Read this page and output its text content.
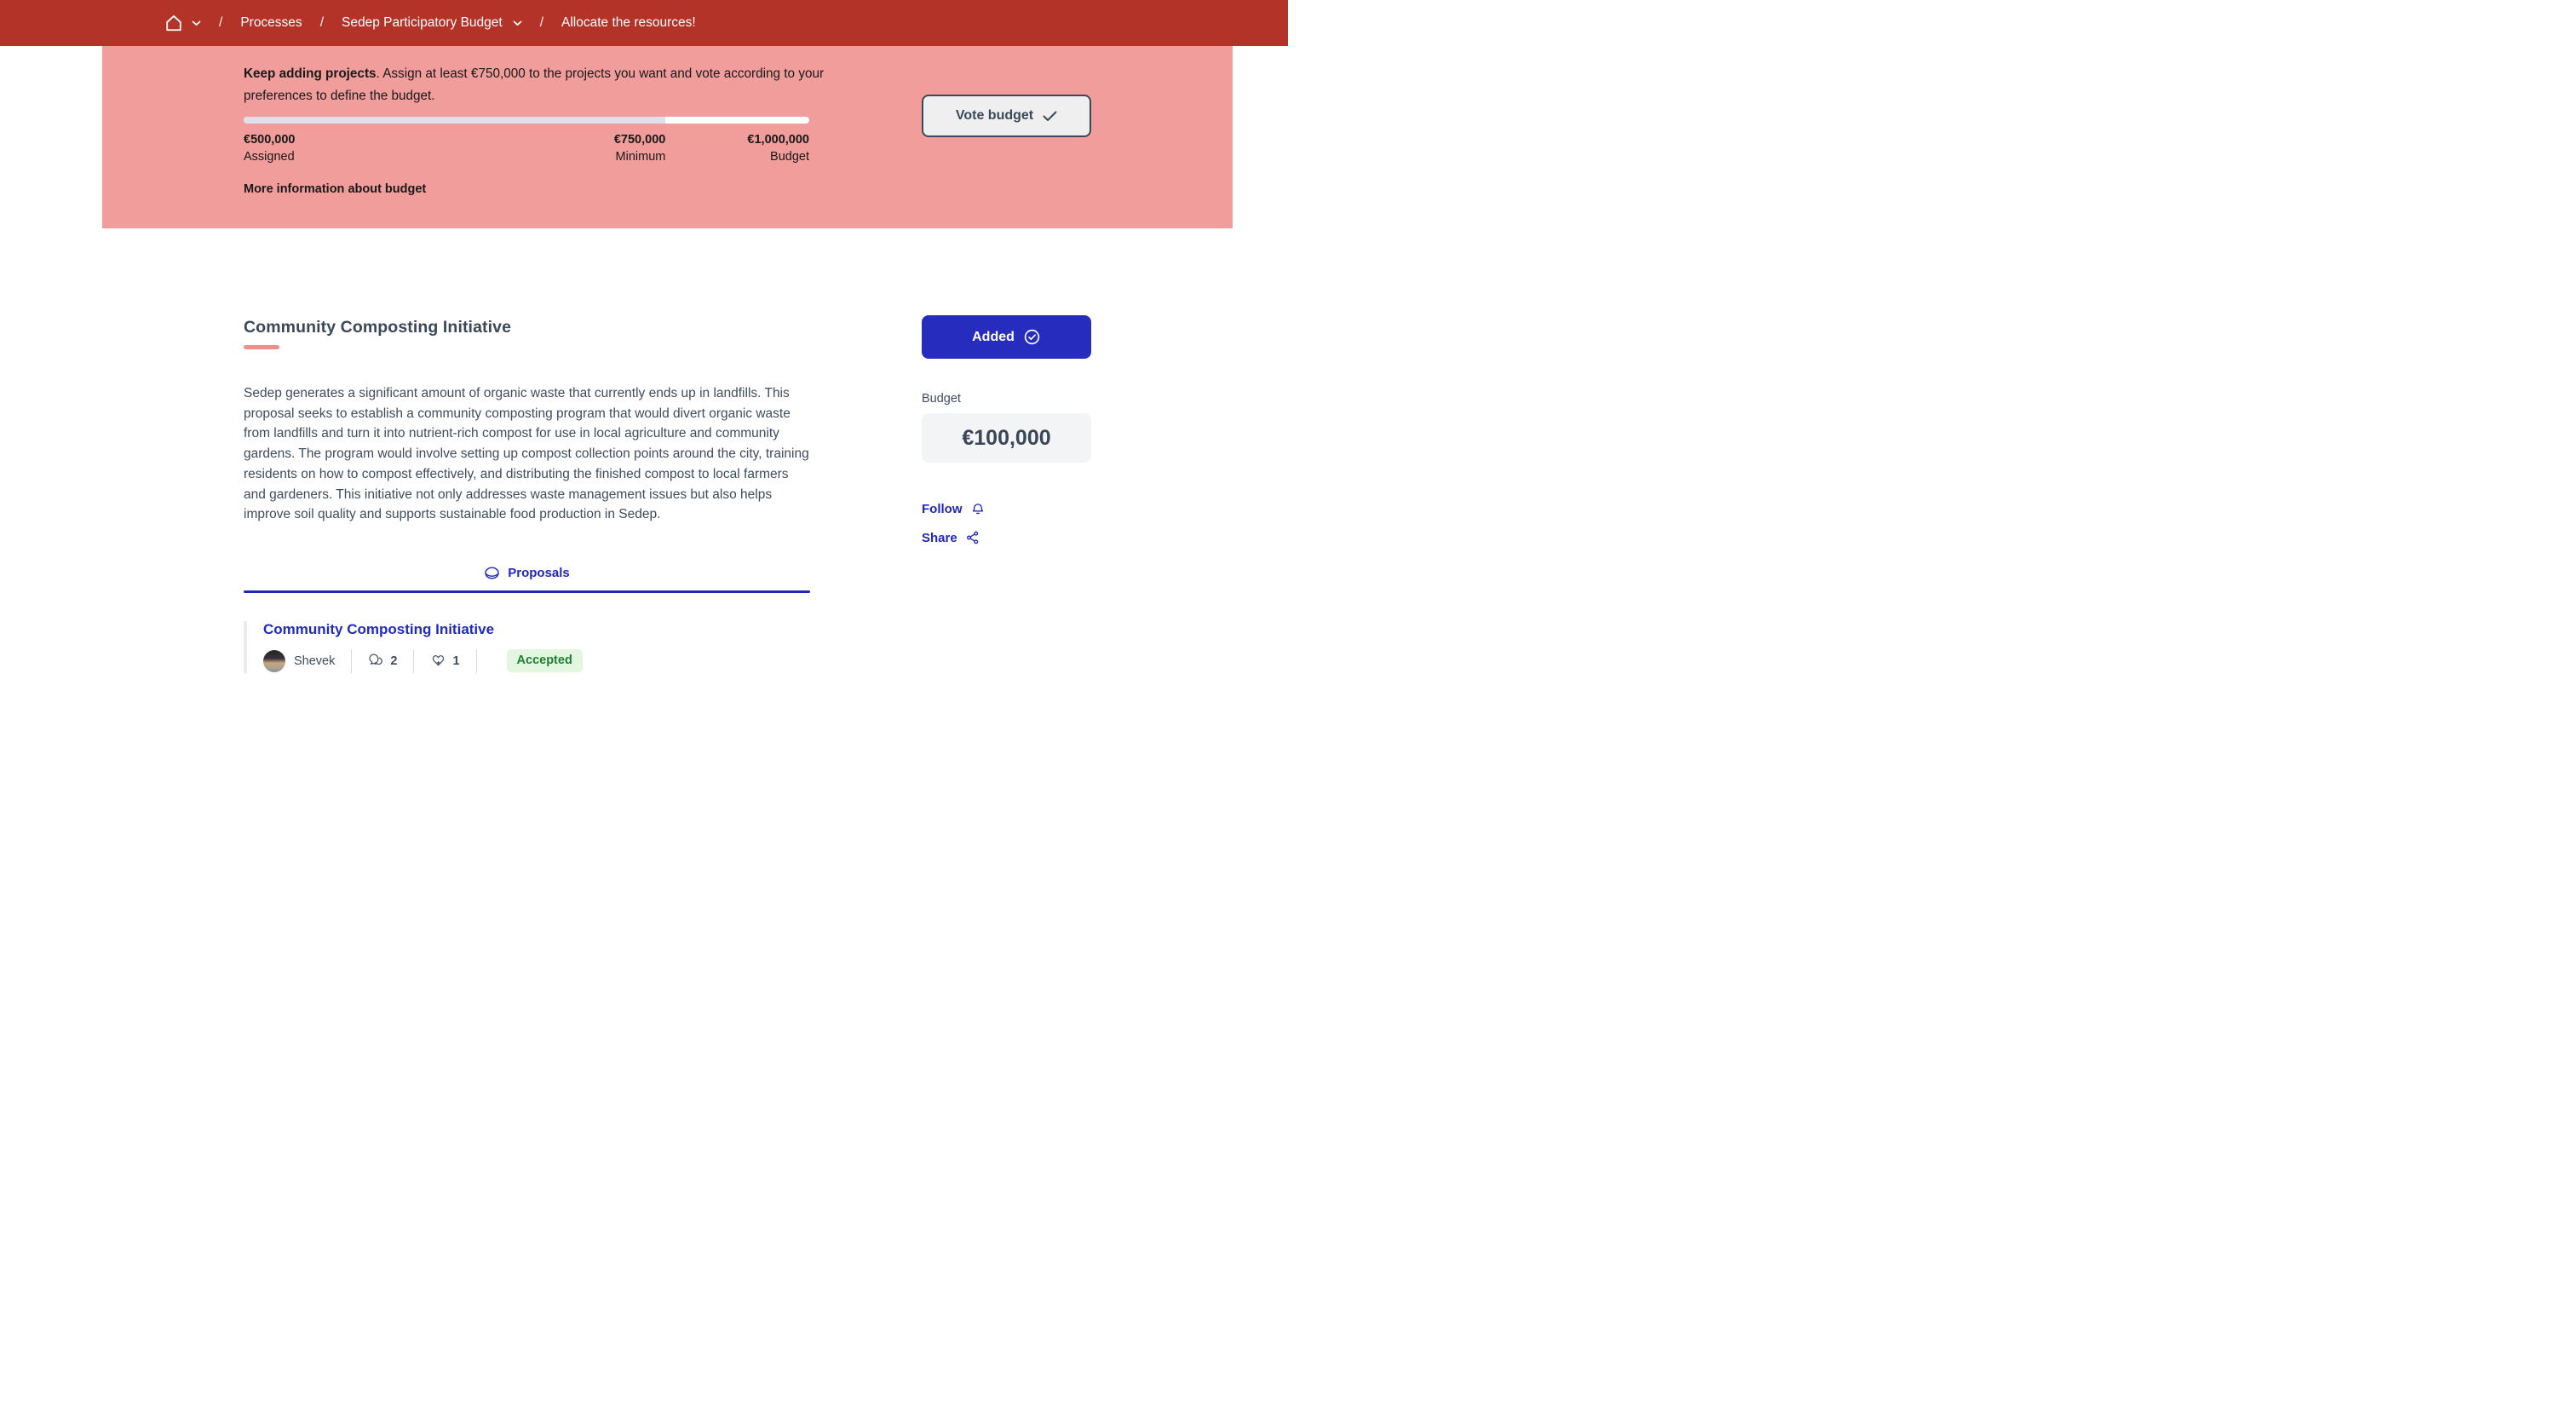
/ Processes / Sedep Participatory Budget	/ Allocate the resources!

Keep adding projects. Assign at least €750,000 to the projects you want and vote according to your preferences to define the budget.

€500,000
Assigned
€750,000
Minimum
€1,000,000
Budget
More information about budget
Vote budget
Community Composting Initiative

Sedep generates a significant amount of organic waste that currently ends up in landfills. This proposal seeks to establish a community composting program that would divert organic waste from landfills and turn it into nutrient-rich compost for use in local agriculture and community gardens. The program would involve setting up compost collection points around the city, training residents on how to compost effectively, and distributing the finished compost to local farmers and gardeners. This initiative not only addresses waste management issues but also helps improve soil quality and supports sustainable food production in Sedep.

Proposals
Community Composting Initiative
Shevek	2	1	Accepted
Added
Budget
€100,000
Follow
Share
